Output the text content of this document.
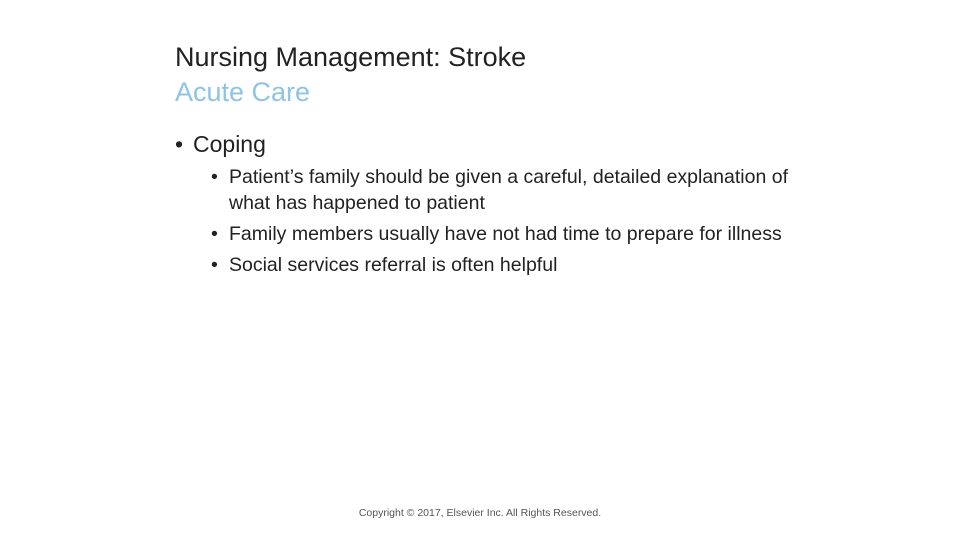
Nursing Management: Stroke
Acute Care
• Coping
• Patient’s family should be given a careful, detailed explanation of what has happened to patient
• Family members usually have not had time to prepare for illness
• Social services referral is often helpful
Copyright © 2017, Elsevier Inc. All Rights Reserved.
